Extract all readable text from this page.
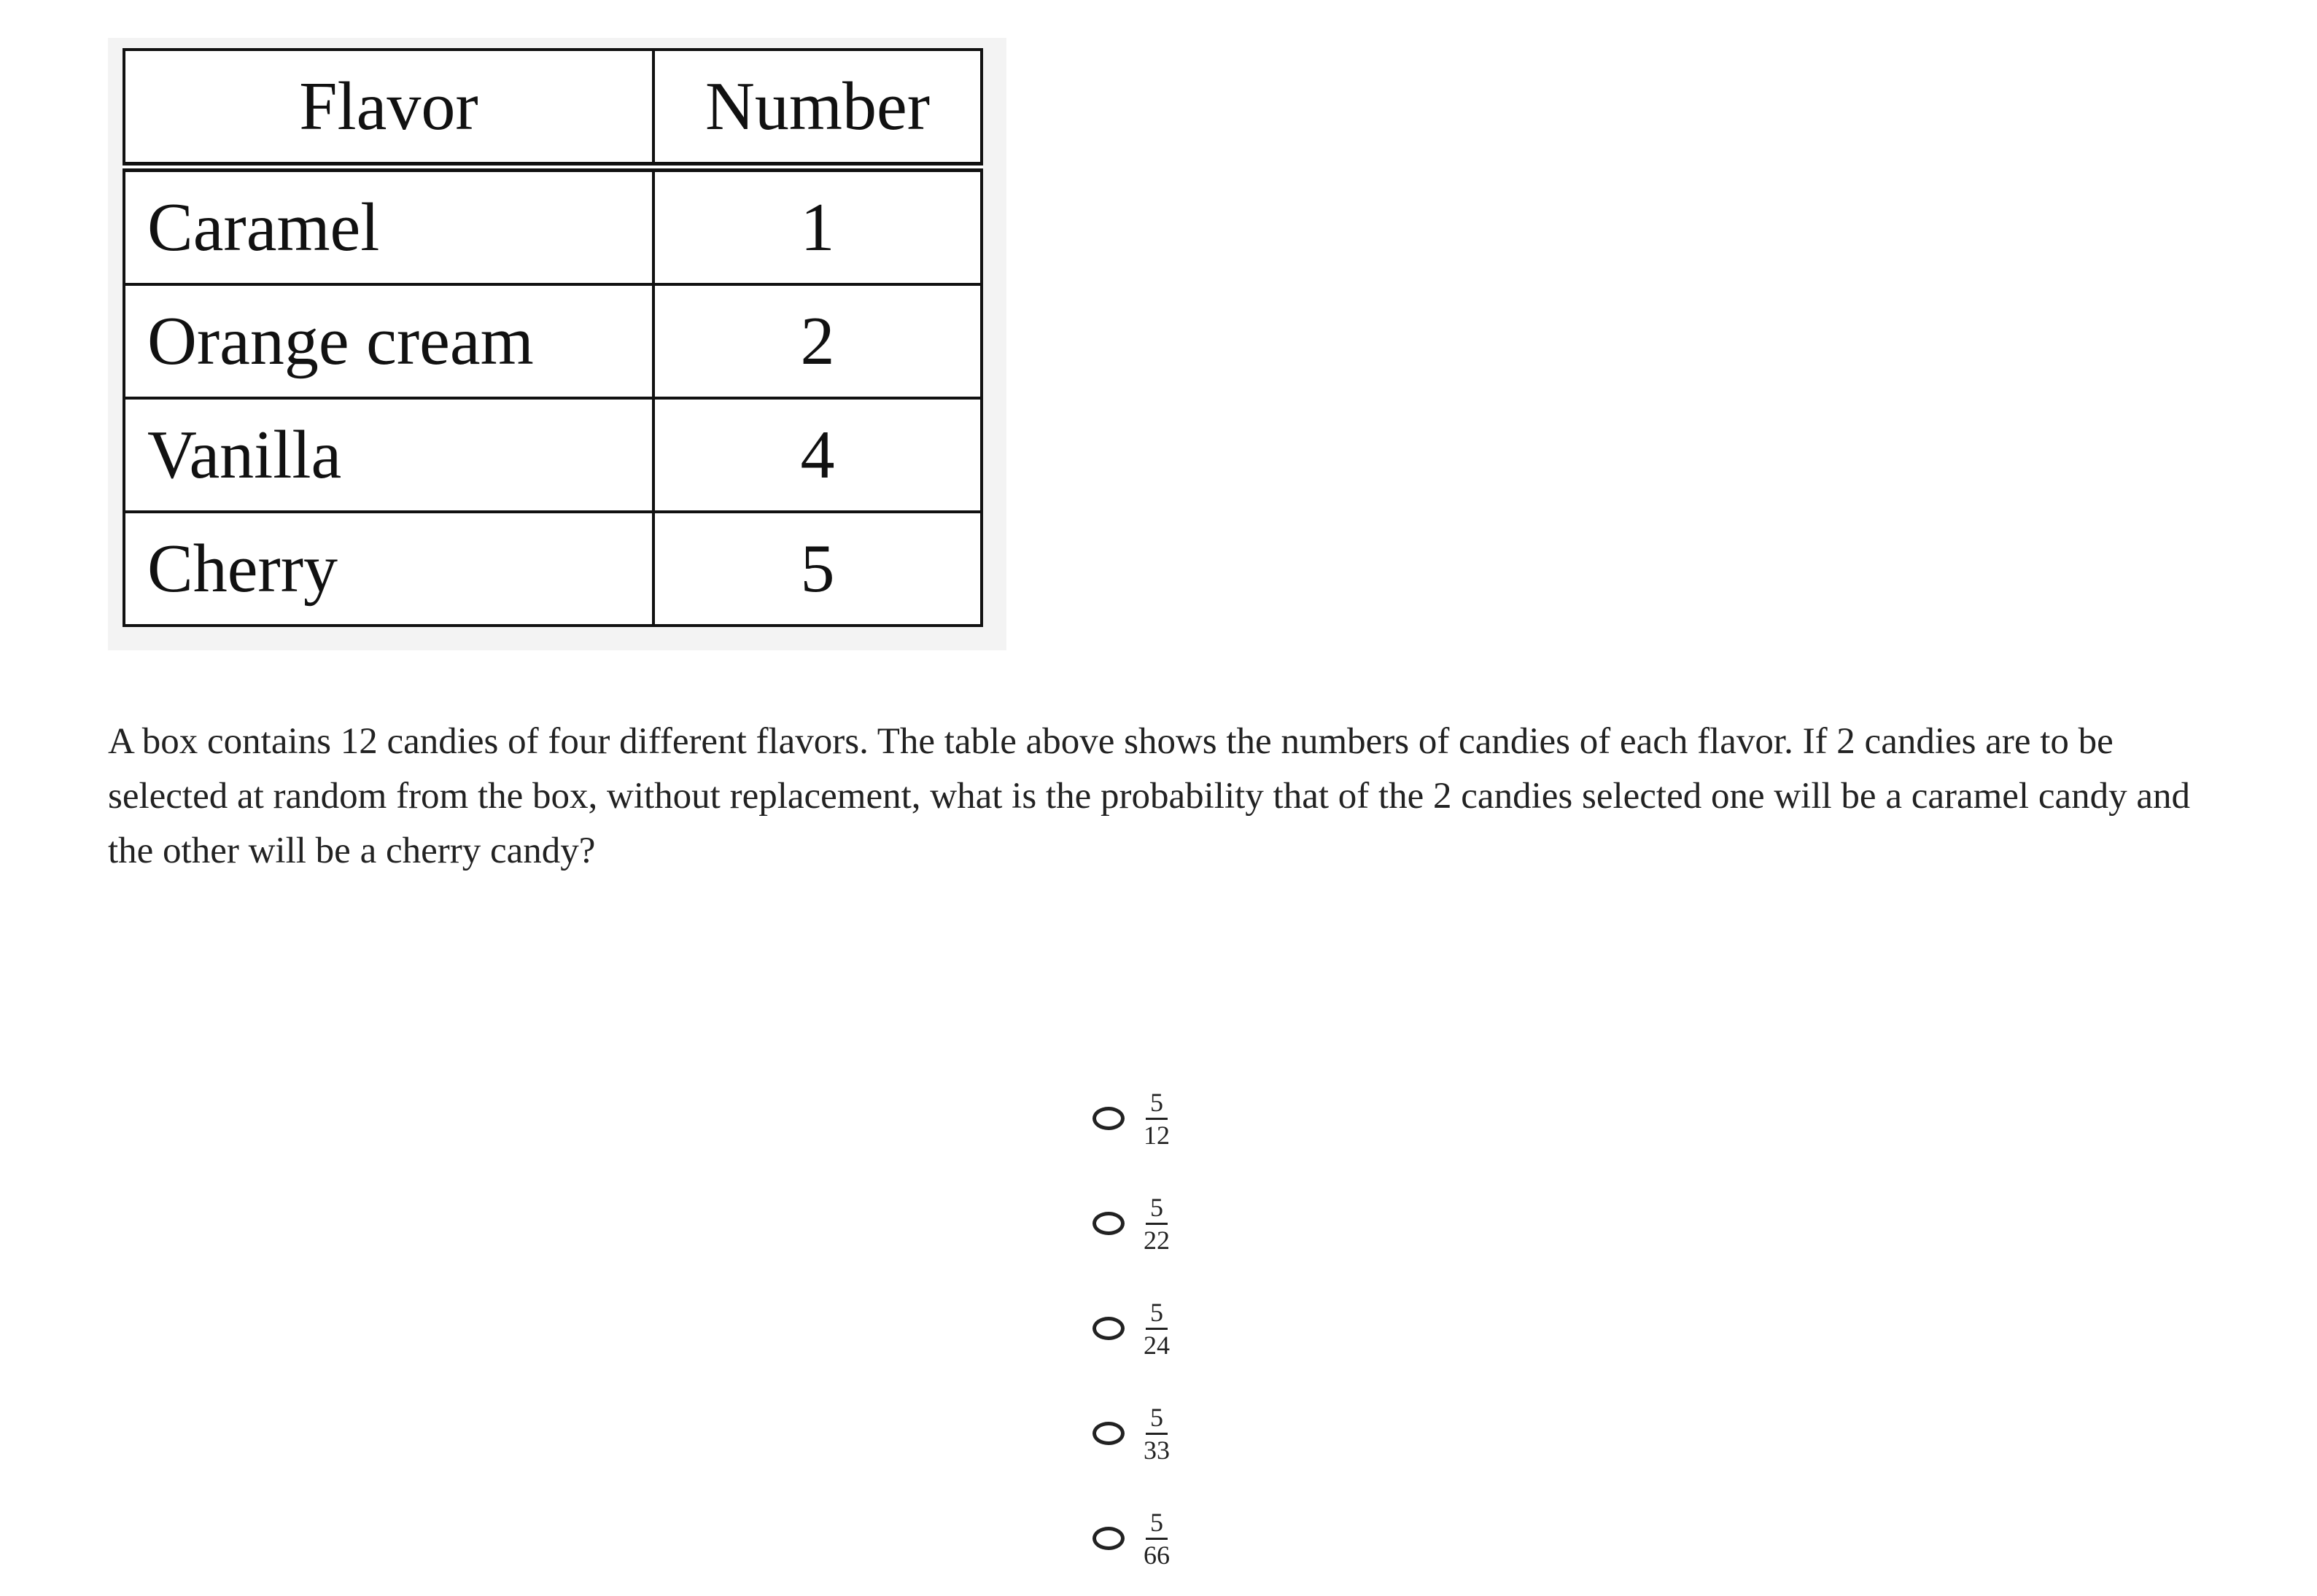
Flavor	Number
Caramel	1
Orange cream	2
Vanilla	4
Cherry	5

A box contains 12 candies of four different flavors. The table above shows the numbers of candies of each flavor. If 2 candies are to be selected at random from the box, without replacement, what is the probability that of the 2 candies selected one will be a caramel candy and the other will be a cherry candy?

$\frac{5}{12}$
$\frac{5}{22}$
$\frac{5}{24}$
$\frac{5}{33}$
$\frac{5}{66}$
